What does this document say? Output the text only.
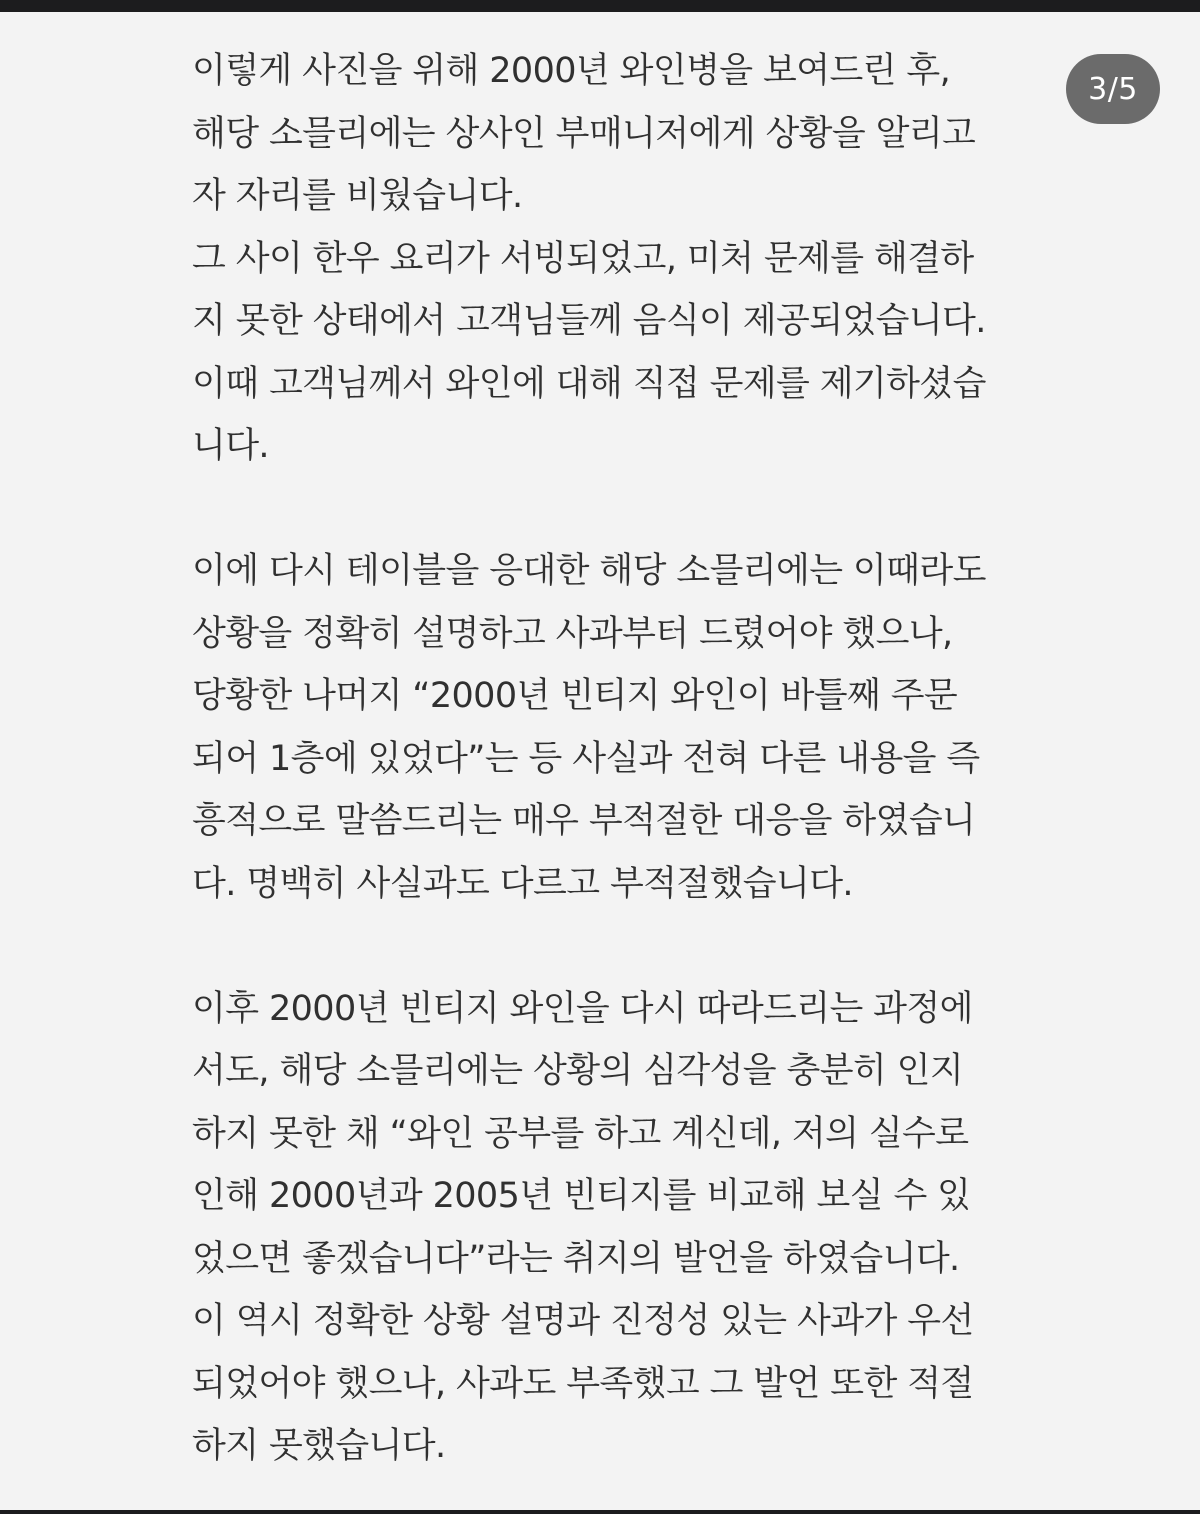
3/5
이렇게 사진을 위해 2000년 와인병을 보여드린 후,
해당 소믈리에는 상사인 부매니저에게 상황을 알리고
자 자리를 비웠습니다.
그 사이 한우 요리가 서빙되었고, 미처 문제를 해결하
지 못한 상태에서 고객님들께 음식이 제공되었습니다.
이때 고객님께서 와인에 대해 직접 문제를 제기하셨습
니다.
이에 다시 테이블을 응대한 해당 소믈리에는 이때라도
상황을 정확히 설명하고 사과부터 드렸어야 했으나,
당황한 나머지 “2000년 빈티지 와인이 바틀째 주문
되어 1층에 있었다”는 등 사실과 전혀 다른 내용을 즉
흥적으로 말씀드리는 매우 부적절한 대응을 하였습니
다. 명백히 사실과도 다르고 부적절했습니다.
이후 2000년 빈티지 와인을 다시 따라드리는 과정에
서도, 해당 소믈리에는 상황의 심각성을 충분히 인지
하지 못한 채 “와인 공부를 하고 계신데, 저의 실수로
인해 2000년과 2005년 빈티지를 비교해 보실 수 있
었으면 좋겠습니다”라는 취지의 발언을 하였습니다.
이 역시 정확한 상황 설명과 진정성 있는 사과가 우선
되었어야 했으나, 사과도 부족했고 그 발언 또한 적절
하지 못했습니다.
